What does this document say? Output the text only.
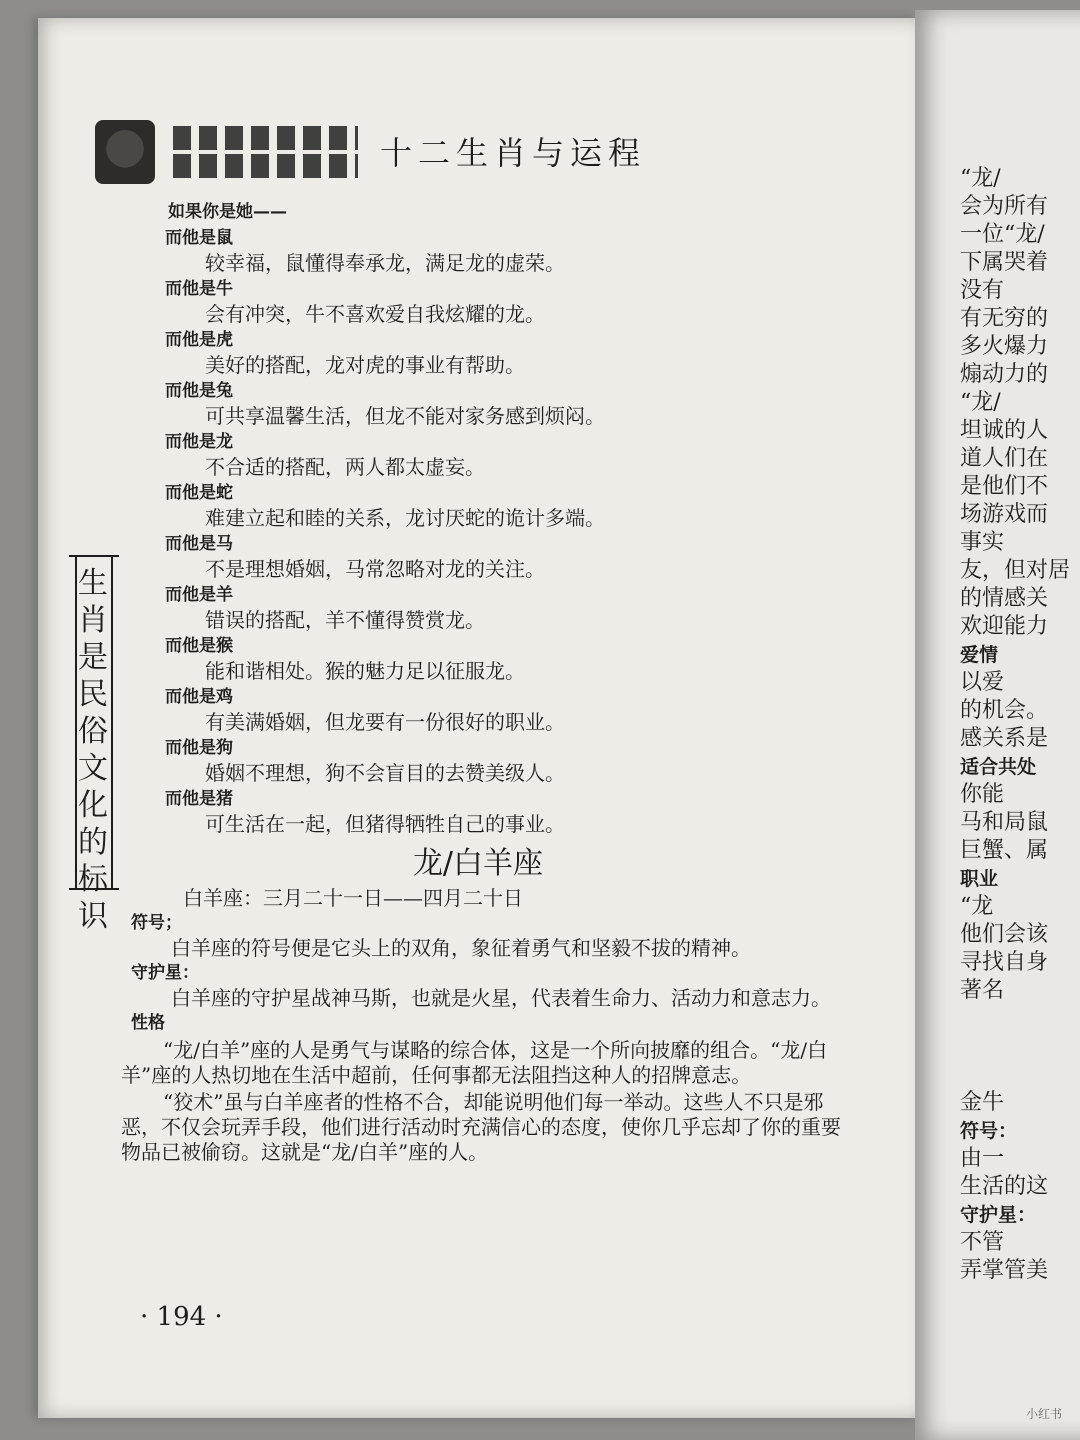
十二生肖与运程
生
肖
是
民
俗
文
化
的
标
识
如果你是她——
而他是鼠
较幸福，鼠懂得奉承龙，满足龙的虚荣。
而他是牛
会有冲突，牛不喜欢爱自我炫耀的龙。
而他是虎
美好的搭配，龙对虎的事业有帮助。
而他是兔
可共享温馨生活，但龙不能对家务感到烦闷。
而他是龙
不合适的搭配，两人都太虚妄。
而他是蛇
难建立起和睦的关系，龙讨厌蛇的诡计多端。
而他是马
不是理想婚姻，马常忽略对龙的关注。
而他是羊
错误的搭配，羊不懂得赞赏龙。
而他是猴
能和谐相处。猴的魅力足以征服龙。
而他是鸡
有美满婚姻，但龙要有一份很好的职业。
而他是狗
婚姻不理想，狗不会盲目的去赞美级人。
而他是猪
可生活在一起，但猪得牺牲自己的事业。
龙/白羊座
白羊座：三月二十一日——四月二十日
符号；
白羊座的符号便是它头上的双角，象征着勇气和坚毅不拔的精神。
守护星：
白羊座的守护星战神马斯，也就是火星，代表着生命力、活动力和意志力。
性格
“龙/白羊”座的人是勇气与谋略的综合体，这是一个所向披靡的组合。“龙/白羊”座的人热切地在生活中超前，任何事都无法阻挡这种人的招牌意志。
“狡术”虽与白羊座者的性格不合，却能说明他们每一举动。这些人不只是邪恶，不仅会玩弄手段，他们进行活动时充满信心的态度，使你几乎忘却了你的重要物品已被偷窃。这就是“龙/白羊”座的人。
· 194 ·
“龙/
会为所有
一位“龙/
下属哭着
没有
有无穷的
多火爆力
煽动力的
“龙/
坦诚的人
道人们在
是他们不
场游戏而
事实
友，但对居
的情感关
欢迎能力
爱情
以爱
的机会。
感关系是
适合共处
你能
马和局鼠
巨蟹、属
职业
“龙
他们会该
寻找自身
著名

金牛
符号：
由一
生活的这
守护星：
不管
弄掌管美
小红书
